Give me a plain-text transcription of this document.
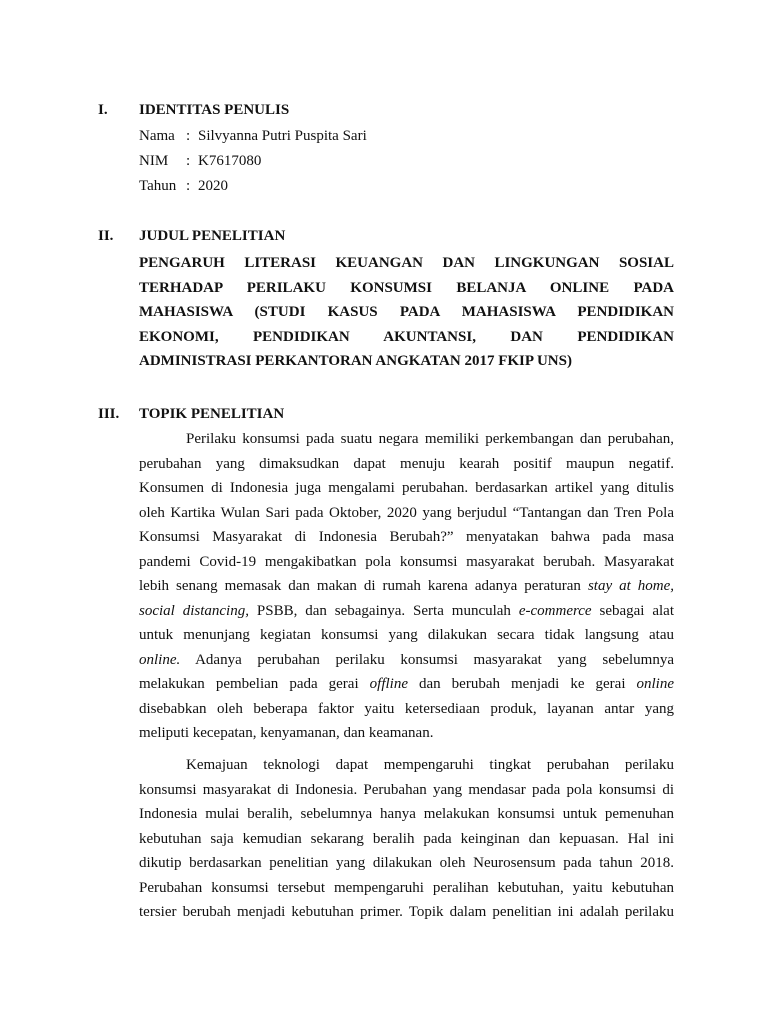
I.	IDENTITAS PENULIS
Nama : Silvyanna Putri Puspita Sari
NIM : K7617080
Tahun : 2020
II.	JUDUL PENELITIAN
PENGARUH LITERASI KEUANGAN DAN LINGKUNGAN SOSIAL
TERHADAP PERILAKU KONSUMSI BELANJA ONLINE PADA
MAHASISWA (STUDI KASUS PADA MAHASISWA PENDIDIKAN
EKONOMI, PENDIDIKAN AKUNTANSI, DAN PENDIDIKAN
ADMINISTRASI PERKANTORAN ANGKATAN 2017 FKIP UNS)
III.	TOPIK PENELITIAN
Perilaku konsumsi pada suatu negara memiliki perkembangan dan perubahan,
perubahan yang dimaksudkan dapat menuju kearah positif maupun negatif.
Konsumen di Indonesia juga mengalami perubahan. berdasarkan artikel yang ditulis
oleh Kartika Wulan Sari pada Oktober, 2020 yang berjudul “Tantangan dan Tren Pola
Konsumsi Masyarakat di Indonesia Berubah?” menyatakan bahwa pada masa
pandemi Covid-19 mengakibatkan pola konsumsi masyarakat berubah. Masyarakat
lebih senang memasak dan makan di rumah karena adanya peraturan stay at home,
social distancing, PSBB, dan sebagainya. Serta munculah e-commerce sebagai alat
untuk menunjang kegiatan konsumsi yang dilakukan secara tidak langsung atau
online. Adanya perubahan perilaku konsumsi masyarakat yang sebelumnya
melakukan pembelian pada gerai offline dan berubah menjadi ke gerai online
disebabkan oleh beberapa faktor yaitu ketersediaan produk, layanan antar yang
meliputi kecepatan, kenyamanan, dan keamanan.
Kemajuan teknologi dapat mempengaruhi tingkat perubahan perilaku
konsumsi masyarakat di Indonesia. Perubahan yang mendasar pada pola konsumsi di
Indonesia mulai beralih, sebelumnya hanya melakukan konsumsi untuk pemenuhan
kebutuhan saja kemudian sekarang beralih pada keinginan dan kepuasan. Hal ini
dikutip berdasarkan penelitian yang dilakukan oleh Neurosensum pada tahun 2018.
Perubahan konsumsi tersebut mempengaruhi peralihan kebutuhan, yaitu kebutuhan
tersier berubah menjadi kebutuhan primer. Topik dalam penelitian ini adalah perilaku
